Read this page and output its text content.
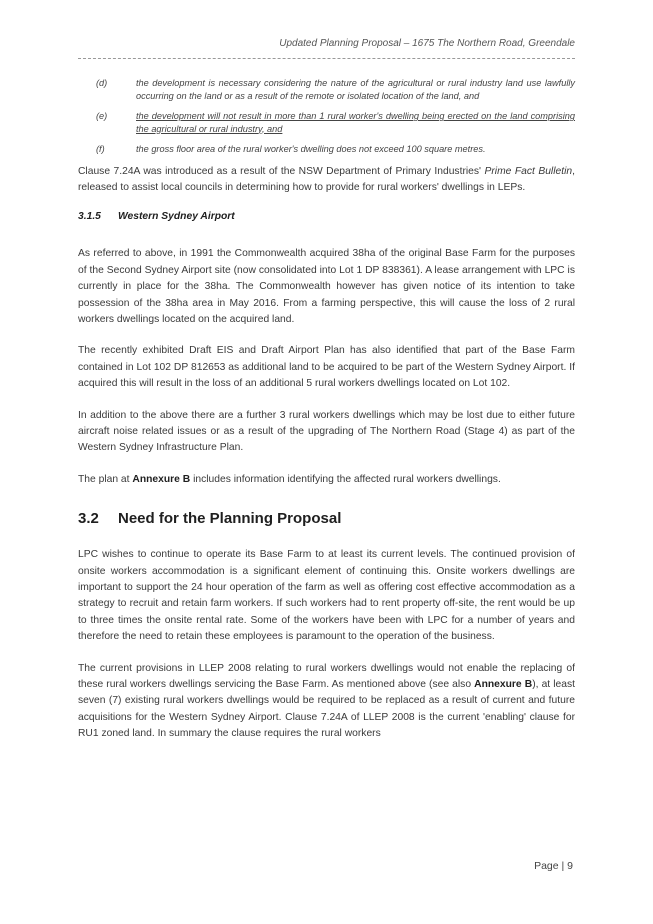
Updated Planning Proposal – 1675 The Northern Road, Greendale
(d)	the development is necessary considering the nature of the agricultural or rural industry land use lawfully occurring on the land or as a result of the remote or isolated location of the land, and
(e)	the development will not result in more than 1 rural worker's dwelling being erected on the land comprising the agricultural or rural industry, and
(f)	the gross floor area of the rural worker's dwelling does not exceed 100 square metres.

Clause 7.24A was introduced as a result of the NSW Department of Primary Industries' Prime Fact Bulletin, released to assist local councils in determining how to provide for rural workers' dwellings in LEPs.

3.1.5	Western Sydney Airport

As referred to above, in 1991 the Commonwealth acquired 38ha of the original Base Farm for the purposes of the Second Sydney Airport site (now consolidated into Lot 1 DP 838361). A lease arrangement with LPC is currently in place for the 38ha. The Commonwealth however has given notice of its intention to take possession of the 38ha area in May 2016. From a farming perspective, this will cause the loss of 2 rural workers dwellings located on the acquired land.

The recently exhibited Draft EIS and Draft Airport Plan has also identified that part of the Base Farm contained in Lot 102 DP 812653 as additional land to be acquired to be part of the Western Sydney Airport. If acquired this will result in the loss of an additional 5 rural workers dwellings located on Lot 102.

In addition to the above there are a further 3 rural workers dwellings which may be lost due to either future aircraft noise related issues or as a result of the upgrading of The Northern Road (Stage 4) as part of the Western Sydney Infrastructure Plan.

The plan at Annexure B includes information identifying the affected rural workers dwellings.

3.2	Need for the Planning Proposal

LPC wishes to continue to operate its Base Farm to at least its current levels. The continued provision of onsite workers accommodation is a significant element of continuing this. Onsite workers dwellings are important to support the 24 hour operation of the farm as well as offering cost effective accommodation as a strategy to recruit and retain farm workers. If such workers had to rent property off-site, the rent would be up to three times the onsite rental rate. Some of the workers have been with LPC for a number of years and therefore the need to retain these employees is paramount to the operation of the business.

The current provisions in LLEP 2008 relating to rural workers dwellings would not enable the replacing of these rural workers dwellings servicing the Base Farm. As mentioned above (see also Annexure B), at least seven (7) existing rural workers dwellings would be required to be replaced as a result of current and future acquisitions for the Western Sydney Airport. Clause 7.24A of LLEP 2008 is the current 'enabling' clause for RU1 zoned land. In summary the clause requires the rural workers

Page | 9
